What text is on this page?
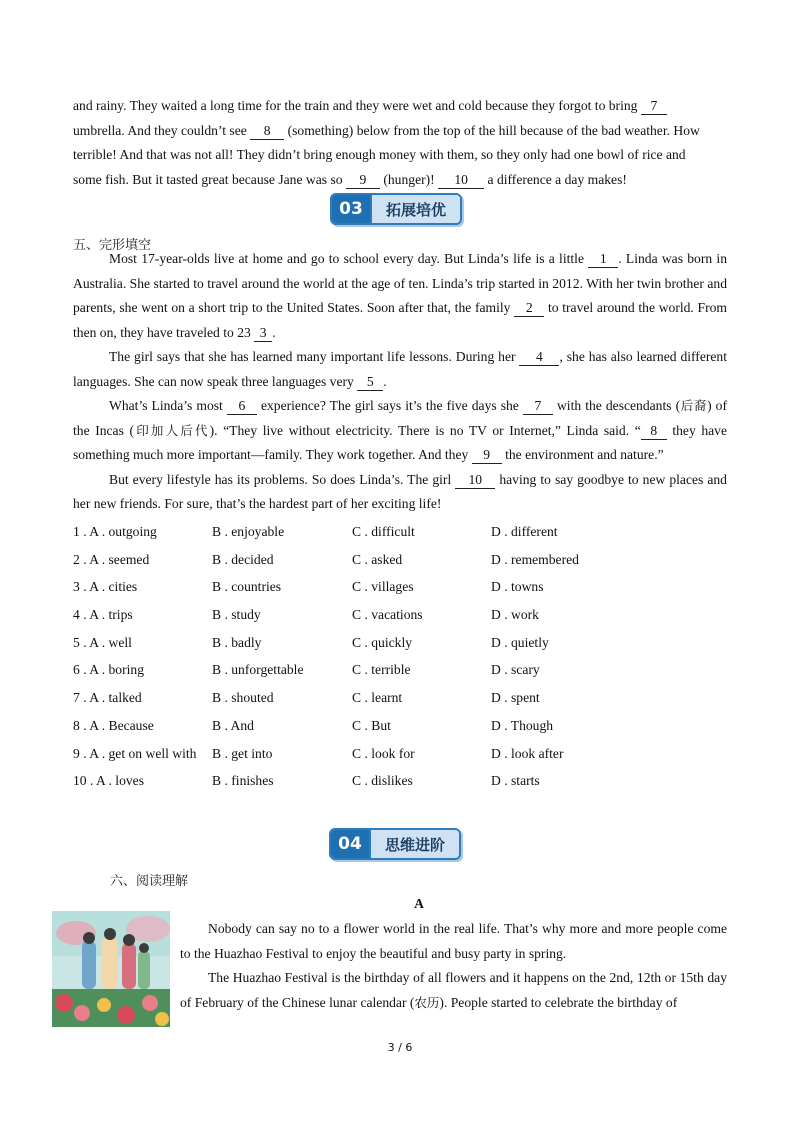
and rainy. They waited a long time for the train and they were wet and cold because they forgot to bring 7
umbrella. And they couldn’t see 8 (something) below from the top of the hill because of the bad weather. How
terrible! And that was not all! They didn’t bring enough money with them, so they only had one bowl of rice and
some fish. But it tasted great because Jane was so 9 (hunger)! 10 a difference a day makes!
03	拓展培优
五、完形填空
Most 17-year-olds live at home and go to school every day. But Linda’s life is a little 1 . Linda was born in Australia. She started to travel around the world at the age of ten. Linda’s trip started in 2012. With her twin brother and parents, she went on a short trip to the United States. Soon after that, the family 2 to travel around the world. From then on, they have traveled to 23 3 .
The girl says that she has learned many important life lessons. During her 4 , she has also learned different languages. She can now speak three languages very 5 .
What’s Linda’s most 6 experience? The girl says it’s the five days she 7 with the descendants (后裔) of the Incas (印加人后代). “They live without electricity. There is no TV or Internet,” Linda said. “ 8 they have something much more important—family. They work together. And they 9 the environment and nature.”
But every lifestyle has its problems. So does Linda’s. The girl 10 having to say goodbye to new places and her new friends. For sure, that’s the hardest part of her exciting life!
1 . A . outgoing	B . enjoyable	C . difficult	D . different
2 . A . seemed	B . decided	C . asked	D . remembered
3 . A . cities	B . countries	C . villages	D . towns
4 . A . trips	B . study	C . vacations	D . work
5 . A . well	B . badly	C . quickly	D . quietly
6 . A . boring	B . unforgettable	C . terrible	D . scary
7 . A . talked	B . shouted	C . learnt	D . spent
8 . A . Because	B . And	C . But	D . Though
9 . A . get on well with B . get into	C . look for	D . look after
10 . A . loves	B . finishes	C . dislikes	D . starts
04	思维进阶
六、阅读理解
A
Nobody can say no to a flower world in the real life. That’s why more and more people come to the Huazhao Festival to enjoy the beautiful and busy party in spring.
The Huazhao Festival is the birthday of all flowers and it happens on the 2nd, 12th or 15th day of February of the Chinese lunar calendar (农历). People started to celebrate the birthday of
3 / 6
